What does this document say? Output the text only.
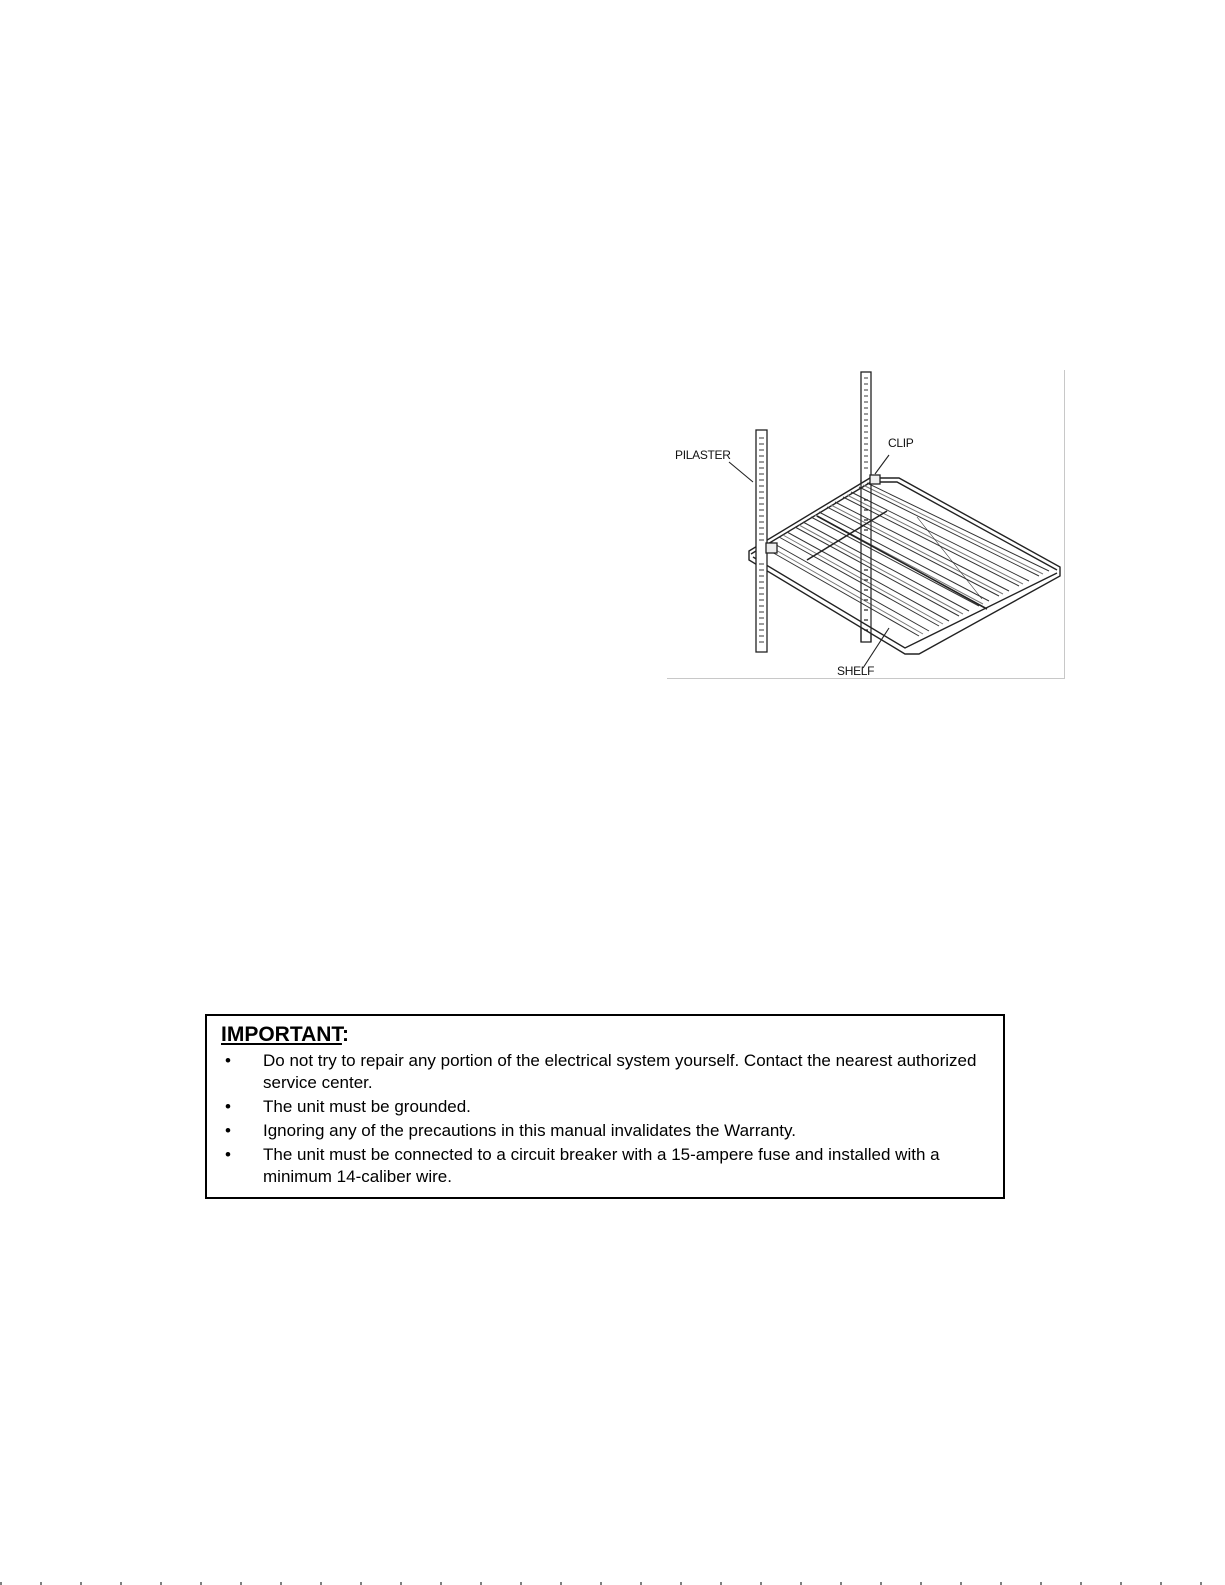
PILASTER
CLIP
SHELF
IMPORTANT:
• Do not try to repair any portion of the electrical system yourself. Contact the nearest authorized service center.
• The unit must be grounded.
• Ignoring any of the precautions in this manual invalidates the Warranty.
• The unit must be connected to a circuit breaker with a 15-ampere fuse and installed with a minimum 14-caliber wire.
